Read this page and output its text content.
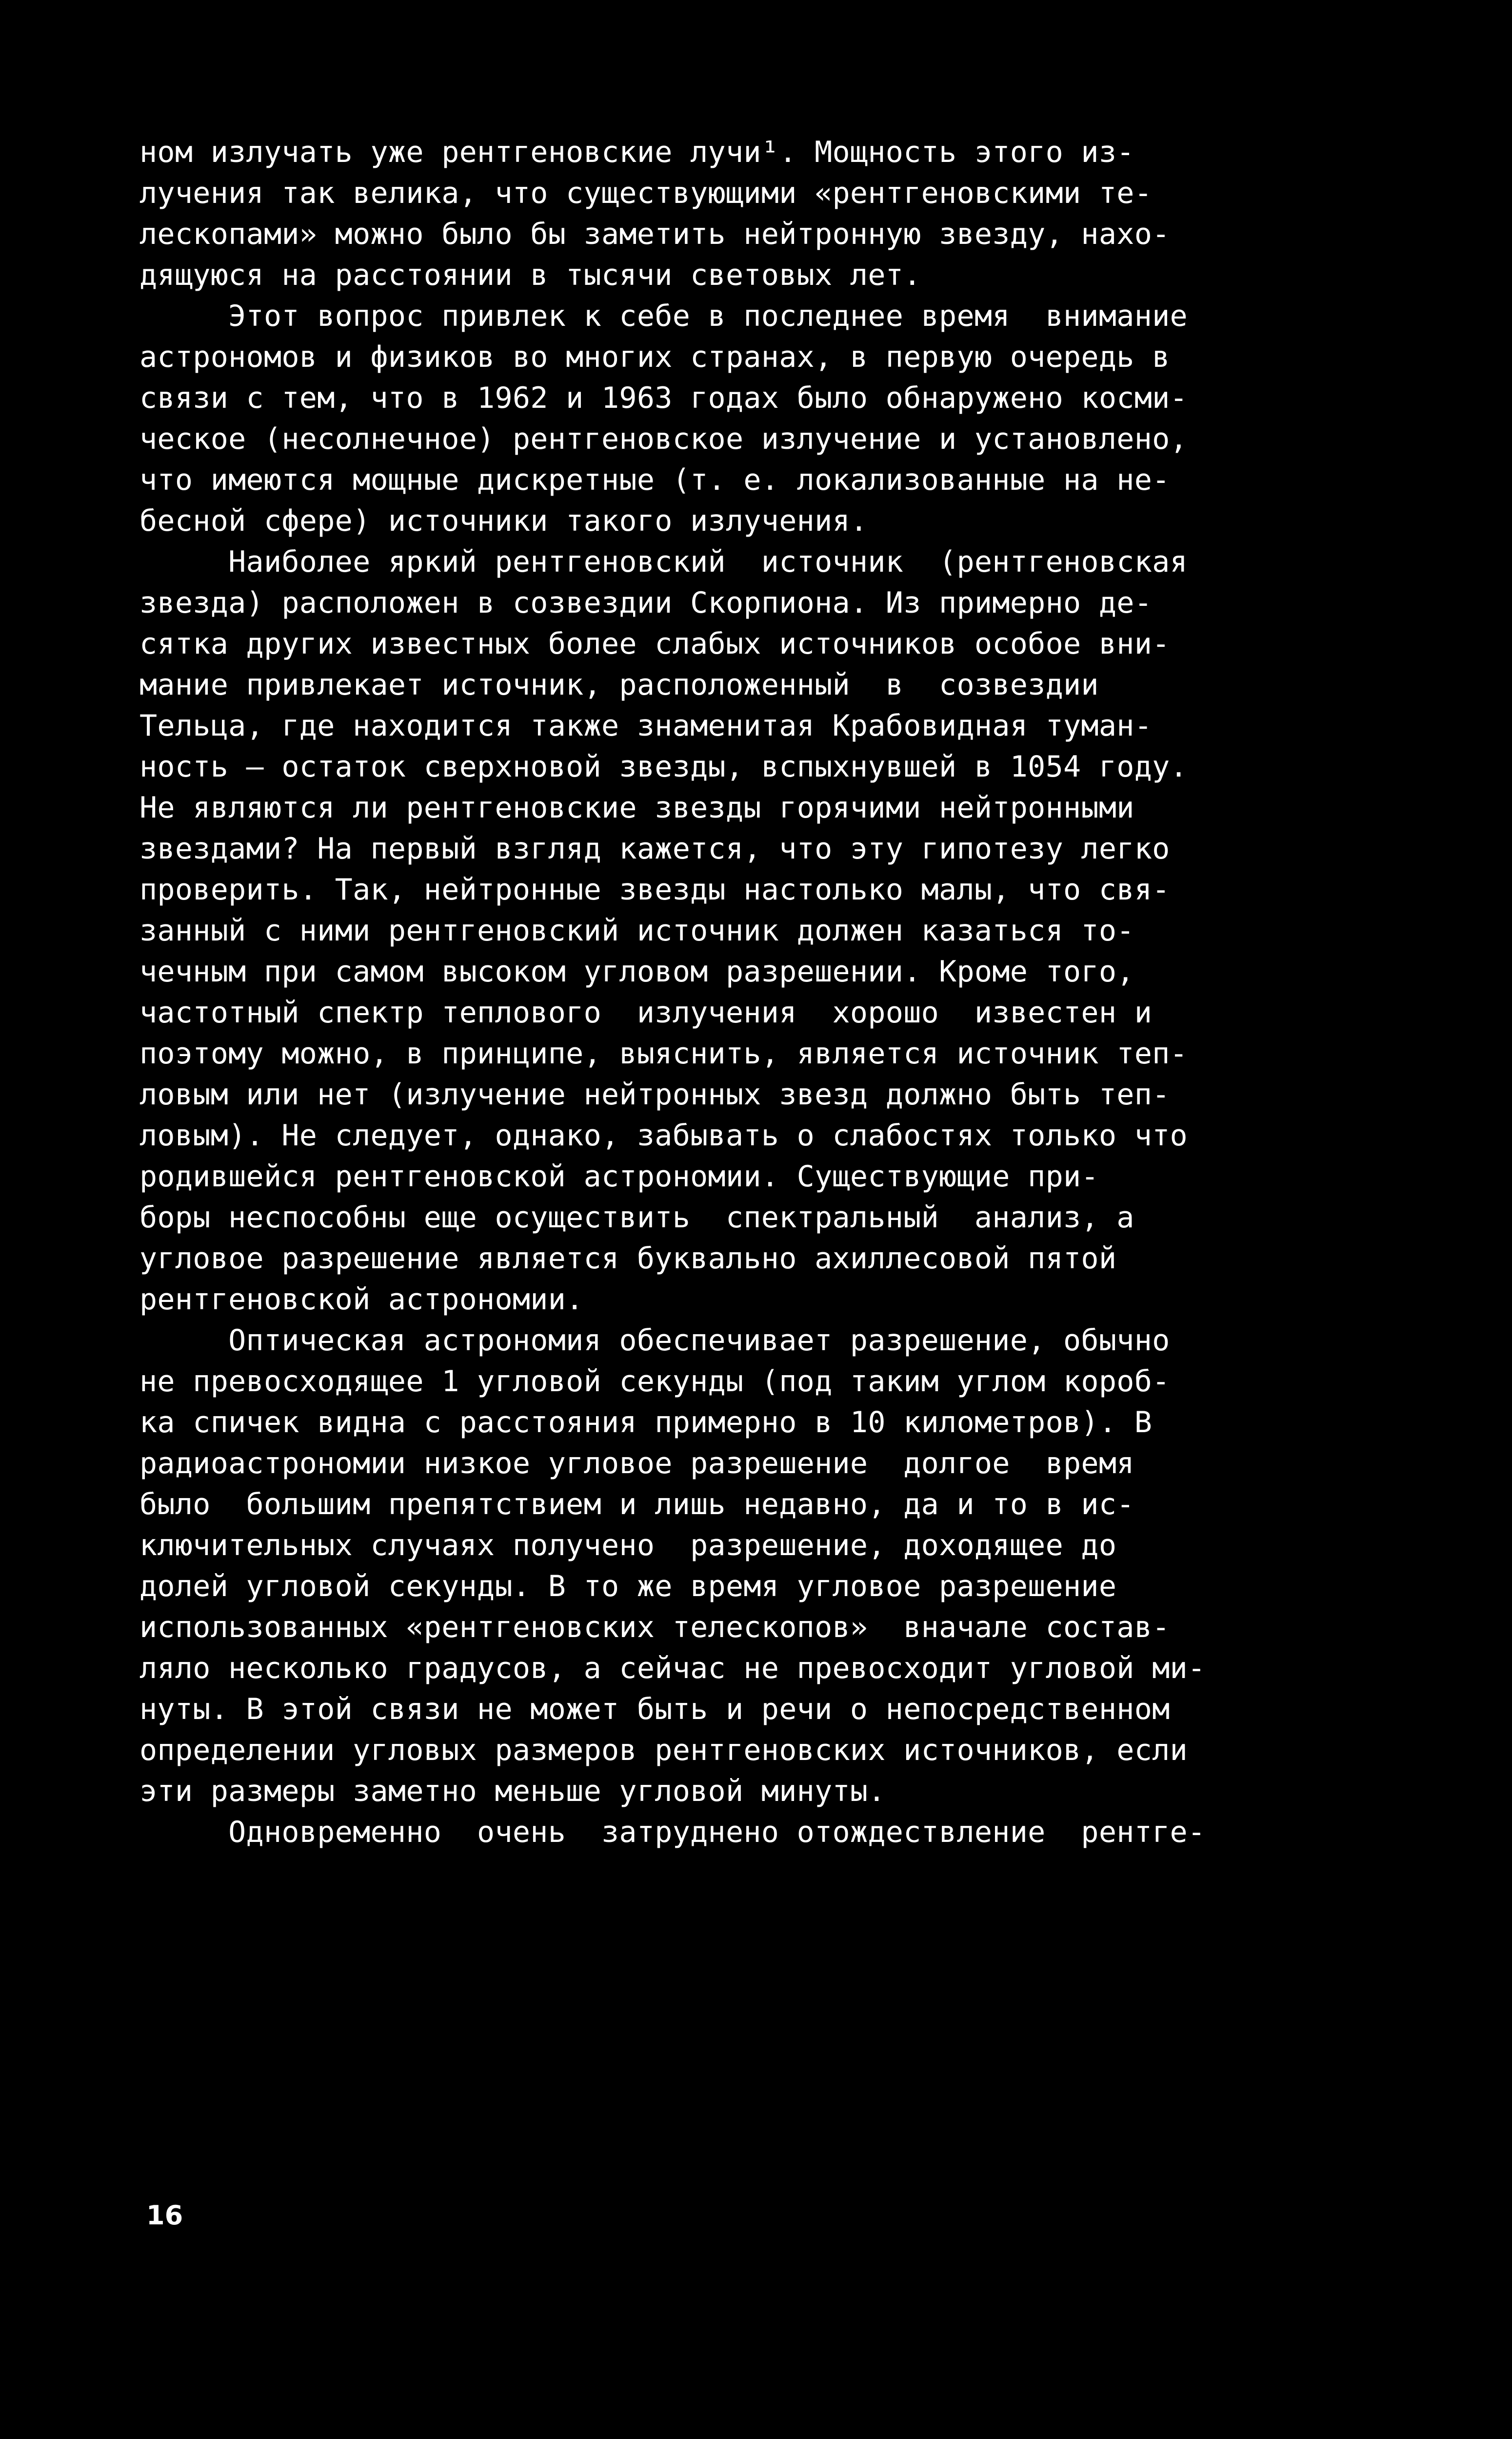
ном излучать уже рентгеновские лучи¹. Мощность этого из-
лучения так велика, что существующими «рентгеновскими те-
лескопами» можно было бы заметить нейтронную звезду, нахо-
дящуюся на расстоянии в тысячи световых лет.
Этот вопрос привлек к себе в последнее время  внимание
астрономов и физиков во многих странах, в первую очередь в
связи с тем, что в 1962 и 1963 годах было обнаружено косми-
ческое (несолнечное) рентгеновское излучение и установлено,
что имеются мощные дискретные (т. е. локализованные на не-
бесной сфере) источники такого излучения.
Наиболее яркий рентгеновский  источник  (рентгеновская
звезда) расположен в созвездии Скорпиона. Из примерно де-
сятка других известных более слабых источников особое вни-
мание привлекает источник, расположенный  в  созвездии
Тельца, где находится также знаменитая Крабовидная туман-
ность — остаток сверхновой звезды, вспыхнувшей в 1054 году.
Не являются ли рентгеновские звезды горячими нейтронными
звездами? На первый взгляд кажется, что эту гипотезу легко
проверить. Так, нейтронные звезды настолько малы, что свя-
занный с ними рентгеновский источник должен казаться то-
чечным при самом высоком угловом разрешении. Кроме того,
частотный спектр теплового  излучения  хорошо  известен и
поэтому можно, в принципе, выяснить, является источник теп-
ловым или нет (излучение нейтронных звезд должно быть теп-
ловым). Не следует, однако, забывать о слабостях только что
родившейся рентгеновской астрономии. Существующие при-
боры неспособны еще осуществить  спектральный  анализ, а
угловое разрешение является буквально ахиллесовой пятой
рентгеновской астрономии.
Оптическая астрономия обеспечивает разрешение, обычно
не превосходящее 1 угловой секунды (под таким углом короб-
ка спичек видна с расстояния примерно в 10 километров). В
радиоастрономии низкое угловое разрешение  долгое  время
было  большим препятствием и лишь недавно, да и то в ис-
ключительных случаях получено  разрешение, доходящее до
долей угловой секунды. В то же время угловое разрешение
использованных «рентгеновских телескопов»  вначале состав-
ляло несколько градусов, а сейчас не превосходит угловой ми-
нуты. В этой связи не может быть и речи о непосредственном
определении угловых размеров рентгеновских источников, если
эти размеры заметно меньше угловой минуты.
Одновременно  очень  затруднено отождествление  рентге-
16
